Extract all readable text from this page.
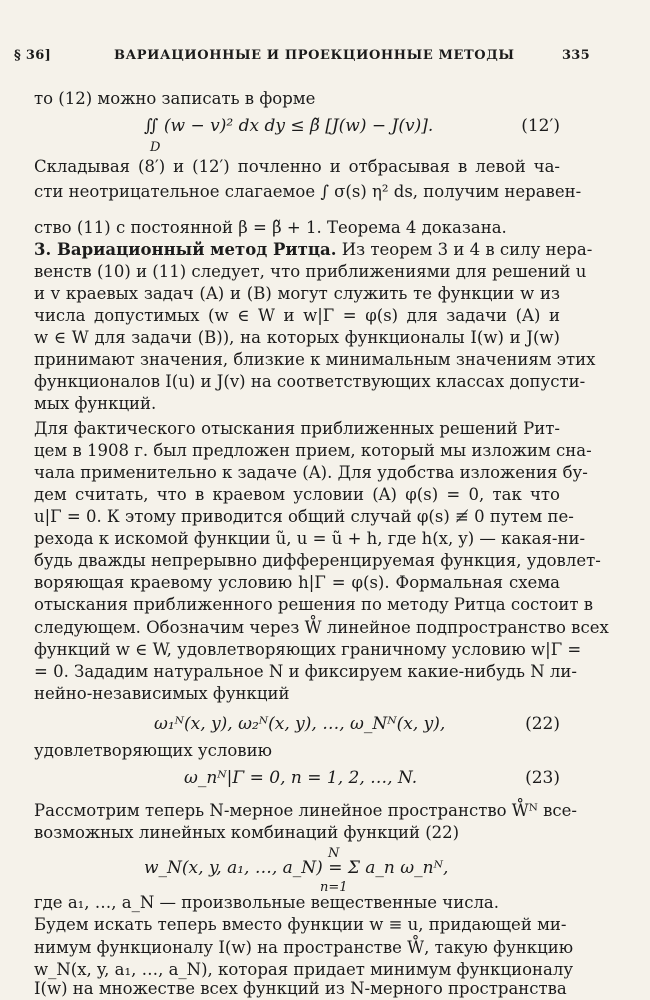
§ 36]	ВАРИАЦИОННЫЕ И ПРОЕКЦИОННЫЕ МЕТОДЫ	335
то (12) можно записать в форме
∬ (w − v)² dx dy ≤ β̃ [J(w) − J(v)].
D
(12′)
Складывая (8′) и (12′) почленно и отбрасывая в левой ча-
сти неотрицательное слагаемое ∫ σ(s) η² ds, получим неравен-
ство (11) с постоянной β = β̃ + 1. Теорема 4 доказана.
3. Вариационный метод Ритца. Из теорем 3 и 4 в силу нера-
венств (10) и (11) следует, что приближениями для решений u
и v краевых задач (A) и (B) могут служить те функции w из
числа допустимых (w ∈ W и w|Γ = φ(s) для задачи (A) и
w ∈ W для задачи (B)), на которых функционалы I(w) и J(w)
принимают значения, близкие к минимальным значениям этих
функционалов I(u) и J(v) на соответствующих классах допусти-
мых функций.
Для фактического отыскания приближенных решений Рит-
цем в 1908 г. был предложен прием, который мы изложим сна-
чала применительно к задаче (A). Для удобства изложения бу-
дем считать, что в краевом условии (A) φ(s) = 0, так что
u|Γ = 0. К этому приводится общий случай φ(s) ≢ 0 путем пе-
рехода к искомой функции ũ, u = ũ + h, где h(x, y) — какая-ни-
будь дважды непрерывно дифференцируемая функция, удовлет-
воряющая краевому условию h|Γ = φ(s). Формальная схема
отыскания приближенного решения по методу Ритца состоит в
следующем. Обозначим через W̊ линейное подпространство всех
функций w ∈ W, удовлетворяющих граничному условию w|Γ =
= 0. Зададим натуральное N и фиксируем какие-нибудь N ли-
нейно-независимых функций
ω₁ᴺ(x, y), ω₂ᴺ(x, y), …, ω_Nᴺ(x, y),	(22)
удовлетворяющих условию
ω_nᴺ|Γ = 0, n = 1, 2, …, N.	(23)
Рассмотрим теперь N-мерное линейное пространство W̊ᴺ все-
возможных линейных комбинаций функций (22)
N
w_N(x, y, a₁, …, a_N) = Σ a_n ω_nᴺ,
n=1
где a₁, …, a_N — произвольные вещественные числа.
Будем искать теперь вместо функции w ≡ u, придающей ми-
нимум функционалу I(w) на пространстве W̊, такую функцию
w_N(x, y, a₁, …, a_N), которая придает минимум функционалу
I(w) на множестве всех функций из N-мерного пространства
